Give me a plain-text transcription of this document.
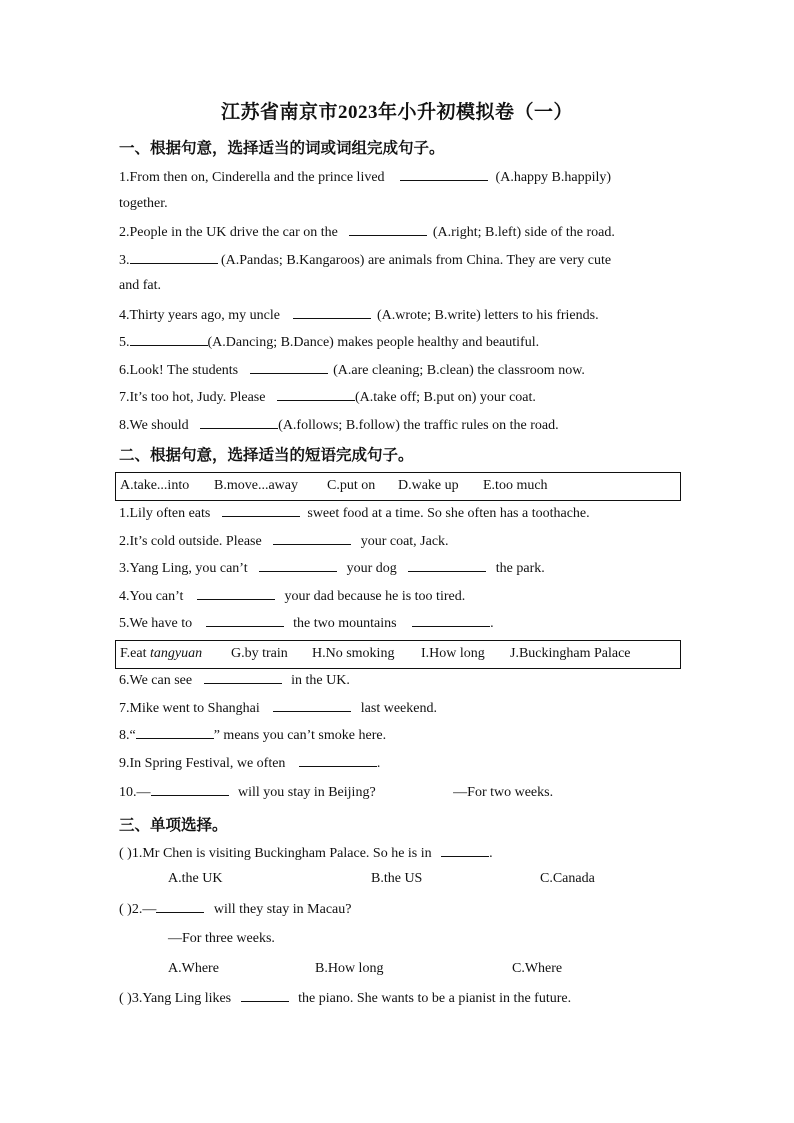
江苏省南京市2023年小升初模拟卷（一）
一、根据句意，选择适当的词或词组完成句子。
1.From then on, Cinderella and the prince lived	(A.happy B.happily)
together.
2.People in the UK drive the car on the	(A.right; B.left) side of the road.
3.	(A.Pandas; B.Kangaroos) are animals from China. They are very cute
and fat.
4.Thirty years ago, my uncle	(A.wrote; B.write) letters to his friends.
5.	(A.Dancing; B.Dance) makes people healthy and beautiful.
6.Look! The students	(A.are cleaning; B.clean) the classroom now.
7.It’s too hot, Judy. Please	(A.take off; B.put on) your coat.
8.We should	(A.follows; B.follow) the traffic rules on the road.
二、根据句意，选择适当的短语完成句子。
A.take...into B.move...away C.put on D.wake up E.too much
1.Lily often eats	sweet food at a time. So she often has a toothache.
2.It’s cold outside. Please	your coat, Jack.
3.Yang Ling, you can’t	your dog	the park.
4.You can’t	your dad because he is too tired.
5.We have to	the two mountains	.
F.eat tangyuan G.by train H.No smoking I.How long J.Buckingham Palace
6.We can see	in the UK.
7.Mike went to Shanghai	last weekend.
8.“	” means you can’t smoke here.
9.In Spring Festival, we often	.
10.—	will you stay in Beijing?	—For two weeks.
三、单项选择。
( )1.Mr Chen is visiting Buckingham Palace. So he is in	.
A.the UK	B.the US	C.Canada
( )2.—	will they stay in Macau?
—For three weeks.
A.Where	B.How long	C.Where
( )3.Yang Ling likes	the piano. She wants to be a pianist in the future.
